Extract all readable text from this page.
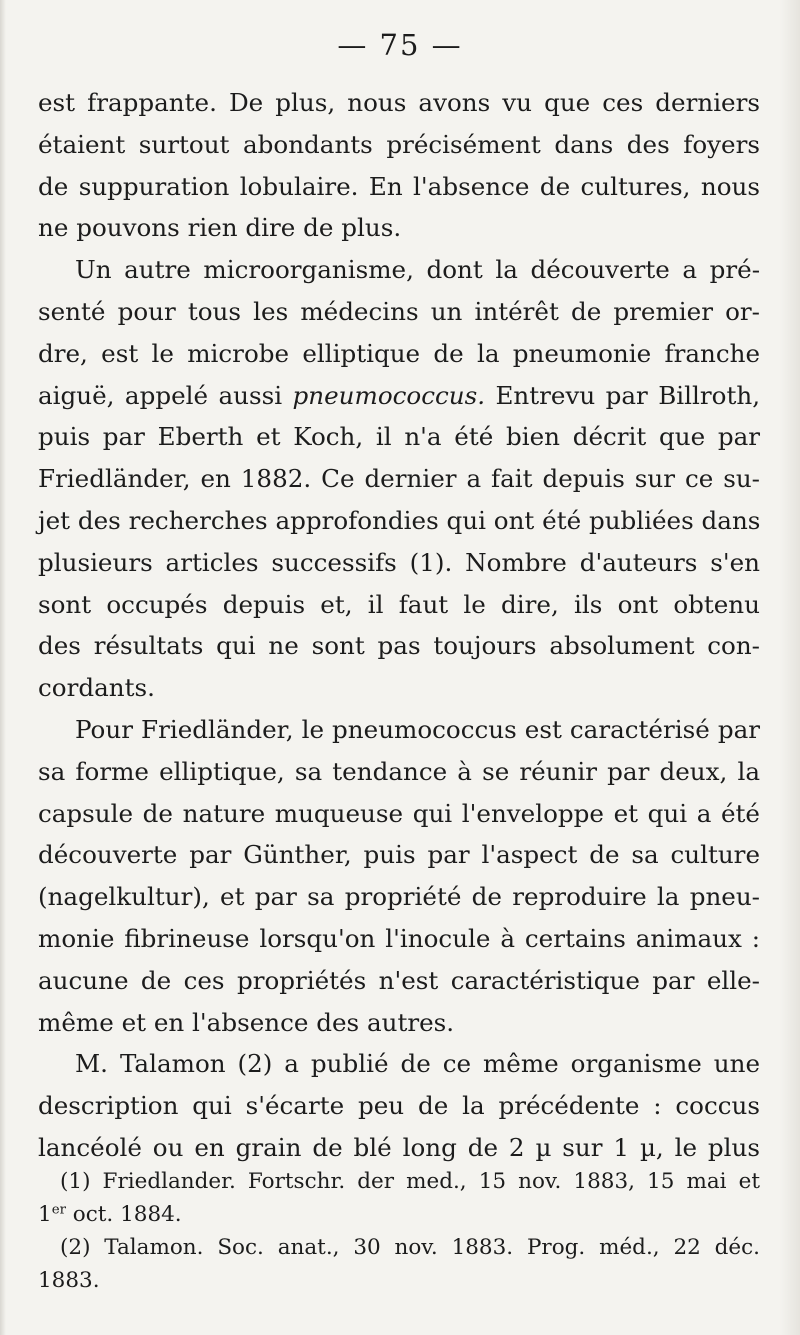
— 75 —
est frappante. De plus, nous avons vu que ces derniers
étaient surtout abondants précisément dans des foyers
de suppuration lobulaire. En l'absence de cultures, nous
ne pouvons rien dire de plus.
Un autre microorganisme, dont la découverte a pré-
senté pour tous les médecins un intérêt de premier or-
dre, est le microbe elliptique de la pneumonie franche
aiguë, appelé aussi pneumococcus. Entrevu par Billroth,
puis par Eberth et Koch, il n'a été bien décrit que par
Friedländer, en 1882. Ce dernier a fait depuis sur ce su-
jet des recherches approfondies qui ont été publiées dans
plusieurs articles successifs (1). Nombre d'auteurs s'en
sont occupés depuis et, il faut le dire, ils ont obtenu
des résultats qui ne sont pas toujours absolument con-
cordants.
Pour Friedländer, le pneumococcus est caractérisé par
sa forme elliptique, sa tendance à se réunir par deux, la
capsule de nature muqueuse qui l'enveloppe et qui a été
découverte par Günther, puis par l'aspect de sa culture
(nagelkultur), et par sa propriété de reproduire la pneu-
monie fibrineuse lorsqu'on l'inocule à certains animaux :
aucune de ces propriétés n'est caractéristique par elle-
même et en l'absence des autres.
M. Talamon (2) a publié de ce même organisme une
description qui s'écarte peu de la précédente : coccus
lancéolé ou en grain de blé long de 2 µ sur 1 µ, le plus
(1) Friedlander. Fortschr. der med., 15 nov. 1883, 15 mai et
1er oct. 1884.
(2) Talamon. Soc. anat., 30 nov. 1883. Prog. méd., 22 déc.
1883.
